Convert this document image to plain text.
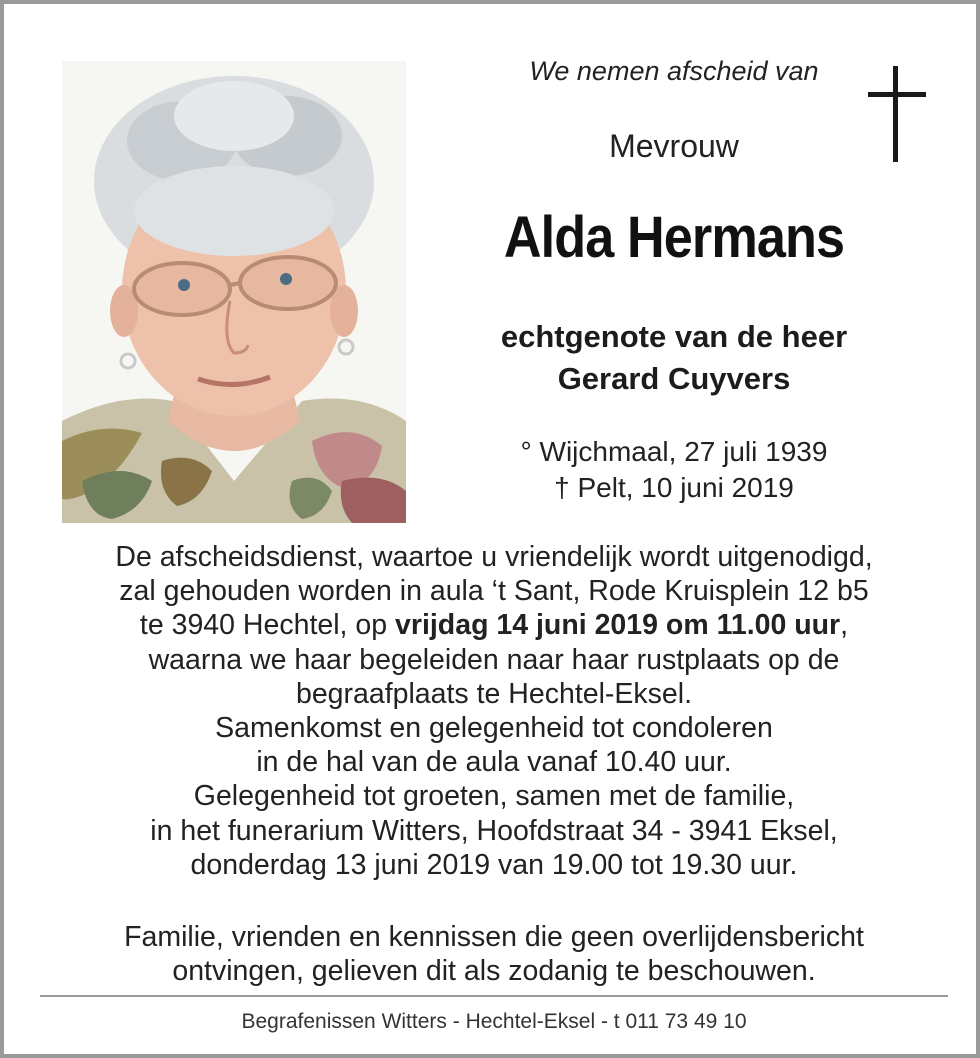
We nemen afscheid van
Mevrouw
Alda Hermans
echtgenote van de heer
Gerard Cuyvers
° Wijchmaal, 27 juli 1939
† Pelt, 10 juni 2019
De afscheidsdienst, waartoe u vriendelijk wordt uitgenodigd,
zal gehouden worden in aula ‘t Sant, Rode Kruisplein 12 b5
te 3940 Hechtel, op vrijdag 14 juni 2019 om 11.00 uur,
waarna we haar begeleiden naar haar rustplaats op de
begraafplaats te Hechtel-Eksel.
Samenkomst en gelegenheid tot condoleren
in de hal van de aula vanaf 10.40 uur.
Gelegenheid tot groeten, samen met de familie,
in het funerarium Witters, Hoofdstraat 34 - 3941 Eksel,
donderdag 13 juni 2019 van 19.00 tot 19.30 uur.
Familie, vrienden en kennissen die geen overlijdensbericht
ontvingen, gelieven dit als zodanig te beschouwen.
Begrafenissen Witters - Hechtel-Eksel - t 011 73 49 10
